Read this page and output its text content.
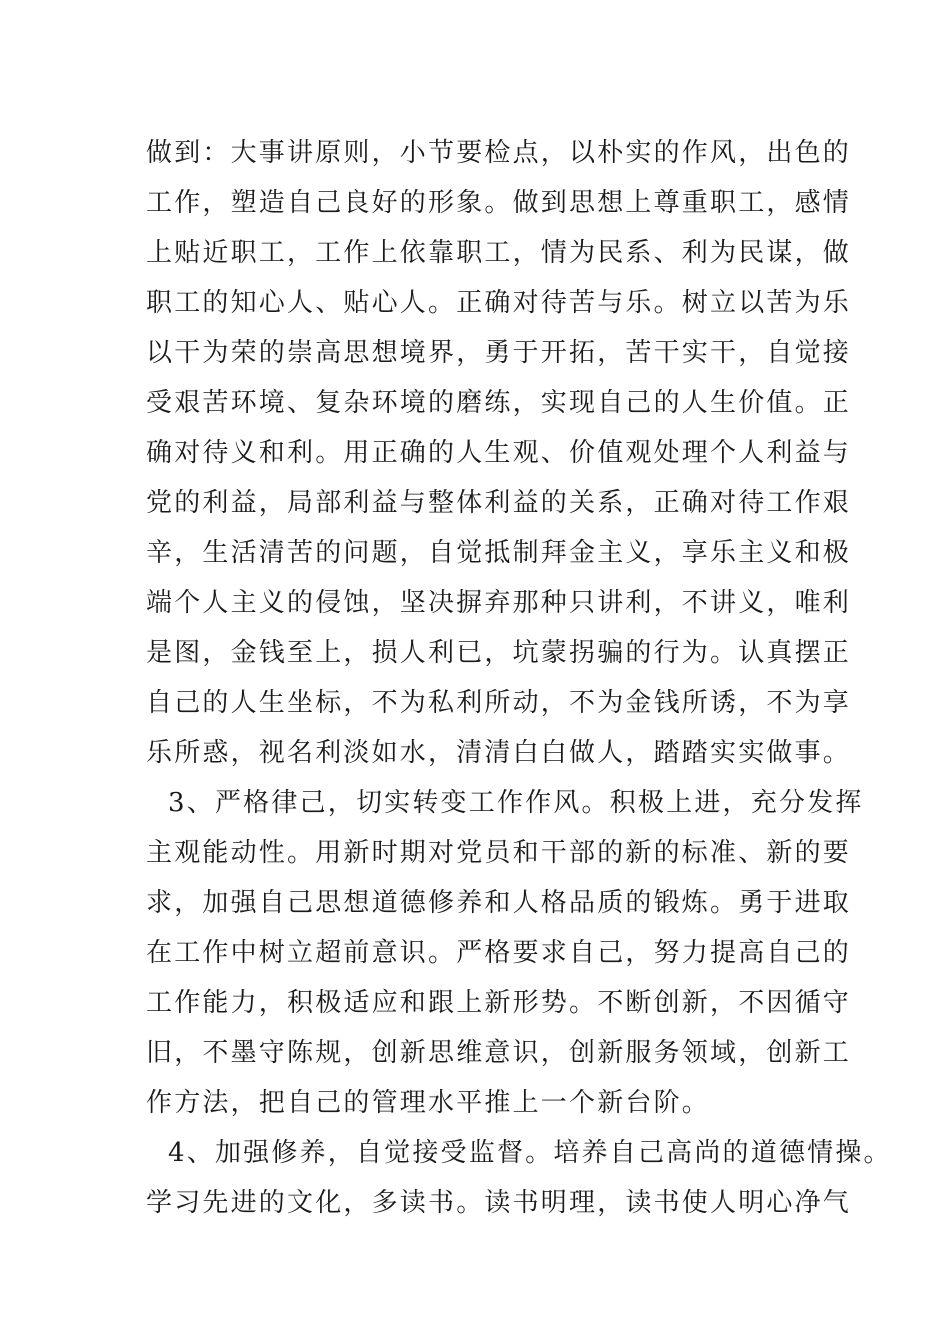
做到：大事讲原则，小节要检点，以朴实的作风，出色的
工作，塑造自己良好的形象。做到思想上尊重职工，感情
上贴近职工，工作上依靠职工，情为民系、利为民谋，做
职工的知心人、贴心人。正确对待苦与乐。树立以苦为乐
以干为荣的崇高思想境界，勇于开拓，苦干实干，自觉接
受艰苦环境、复杂环境的磨练，实现自己的人生价值。正
确对待义和利。用正确的人生观、价值观处理个人利益与
党的利益，局部利益与整体利益的关系，正确对待工作艰
辛，生活清苦的问题，自觉抵制拜金主义，享乐主义和极
端个人主义的侵蚀，坚决摒弃那种只讲利，不讲义，唯利
是图，金钱至上，损人利已，坑蒙拐骗的行为。认真摆正
自己的人生坐标，不为私利所动，不为金钱所诱，不为享
乐所惑，视名利淡如水，清清白白做人，踏踏实实做事。
3、严格律己，切实转变工作作风。积极上进，充分发挥
主观能动性。用新时期对党员和干部的新的标准、新的要
求，加强自己思想道德修养和人格品质的锻炼。勇于进取
在工作中树立超前意识。严格要求自己，努力提高自己的
工作能力，积极适应和跟上新形势。不断创新，不因循守
旧，不墨守陈规，创新思维意识，创新服务领域，创新工
作方法，把自己的管理水平推上一个新台阶。
4、加强修养，自觉接受监督。培养自己高尚的道德情操。
学习先进的文化，多读书。读书明理，读书使人明心净气
